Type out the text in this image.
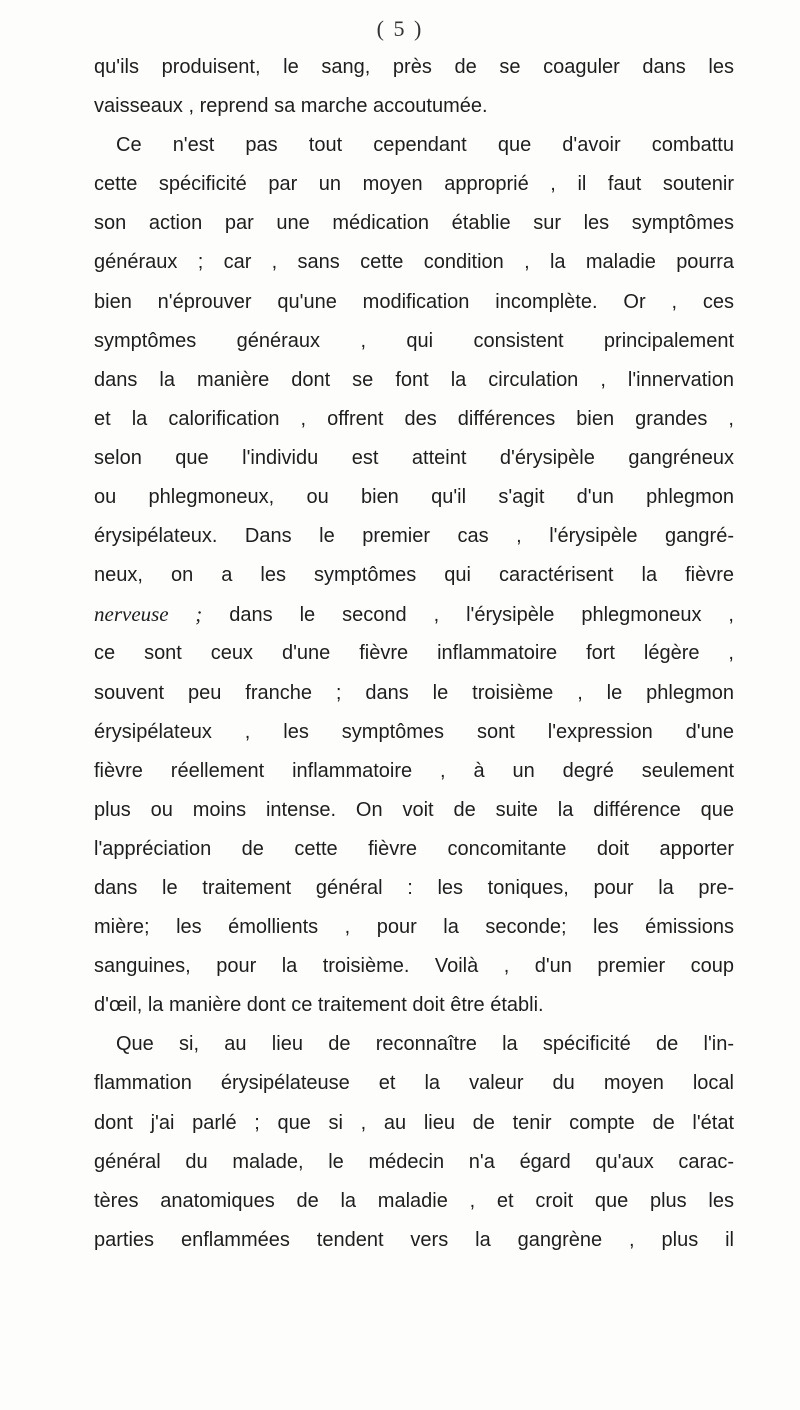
( 5 )
qu'ils produisent, le sang, près de se coaguler dans les
vaisseaux , reprend sa marche accoutumée.
Ce n'est pas tout cependant que d'avoir combattu
cette spécificité par un moyen approprié , il faut soutenir
son action par une médication établie sur les symptômes
généraux ; car , sans cette condition , la maladie pourra
bien n'éprouver qu'une modification incomplète. Or , ces
symptômes généraux , qui consistent principalement
dans la manière dont se font la circulation , l'innervation
et la calorification , offrent des différences bien grandes ,
selon que l'individu est atteint d'érysipèle gangréneux
ou phlegmoneux, ou bien qu'il s'agit d'un phlegmon
érysipélateux. Dans le premier cas , l'érysipèle gangré-
neux, on a les symptômes qui caractérisent la fièvre
nerveuse ; dans le second , l'érysipèle phlegmoneux ,
ce sont ceux d'une fièvre inflammatoire fort légère ,
souvent peu franche ; dans le troisième , le phlegmon
érysipélateux , les symptômes sont l'expression d'une
fièvre réellement inflammatoire , à un degré seulement
plus ou moins intense. On voit de suite la différence que
l'appréciation de cette fièvre concomitante doit apporter
dans le traitement général : les toniques, pour la pre-
mière; les émollients , pour la seconde; les émissions
sanguines, pour la troisième. Voilà , d'un premier coup
d'œil, la manière dont ce traitement doit être établi.
Que si, au lieu de reconnaître la spécificité de l'in-
flammation érysipélateuse et la valeur du moyen local
dont j'ai parlé ; que si , au lieu de tenir compte de l'état
général du malade, le médecin n'a égard qu'aux carac-
tères anatomiques de la maladie , et croit que plus les
parties enflammées tendent vers la gangrène , plus il
